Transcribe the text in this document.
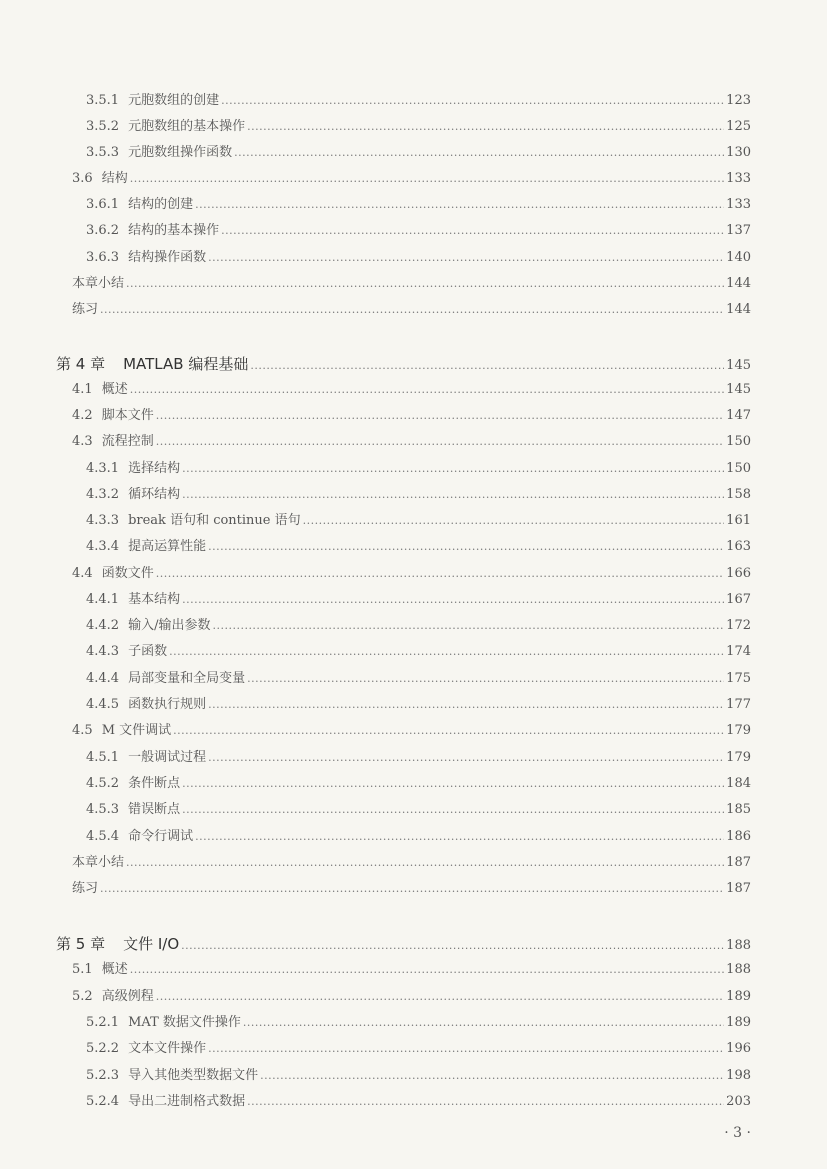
3.5.1 元胞数组的创建 .....	123
3.5.2 元胞数组的基本操作 .....	125
3.5.3 元胞数组操作函数 .....	130
3.6 结构 .....	133
3.6.1 结构的创建 .....	133
3.6.2 结构的基本操作 .....	137
3.6.3 结构操作函数 .....	140
本章小结 .....	144
练习 .....	144
第 4 章 MATLAB 编程基础 .....	145
4.1 概述 .....	145
4.2 脚本文件 .....	147
4.3 流程控制 .....	150
4.3.1 选择结构 .....	150
4.3.2 循环结构 .....	158
4.3.3 break 语句和 continue 语句 .....	161
4.3.4 提高运算性能 .....	163
4.4 函数文件 .....	166
4.4.1 基本结构 .....	167
4.4.2 输入/输出参数 .....	172
4.4.3 子函数 .....	174
4.4.4 局部变量和全局变量 .....	175
4.4.5 函数执行规则 .....	177
4.5 M 文件调试 .....	179
4.5.1 一般调试过程 .....	179
4.5.2 条件断点 .....	184
4.5.3 错误断点 .....	185
4.5.4 命令行调试 .....	186
本章小结 .....	187
练习 .....	187
第 5 章 文件 I/O .....	188
5.1 概述 .....	188
5.2 高级例程 .....	189
5.2.1 MAT 数据文件操作 .....	189
5.2.2 文本文件操作 .....	196
5.2.3 导入其他类型数据文件 .....	198
5.2.4 导出二进制格式数据 .....	203
· 3 ·
